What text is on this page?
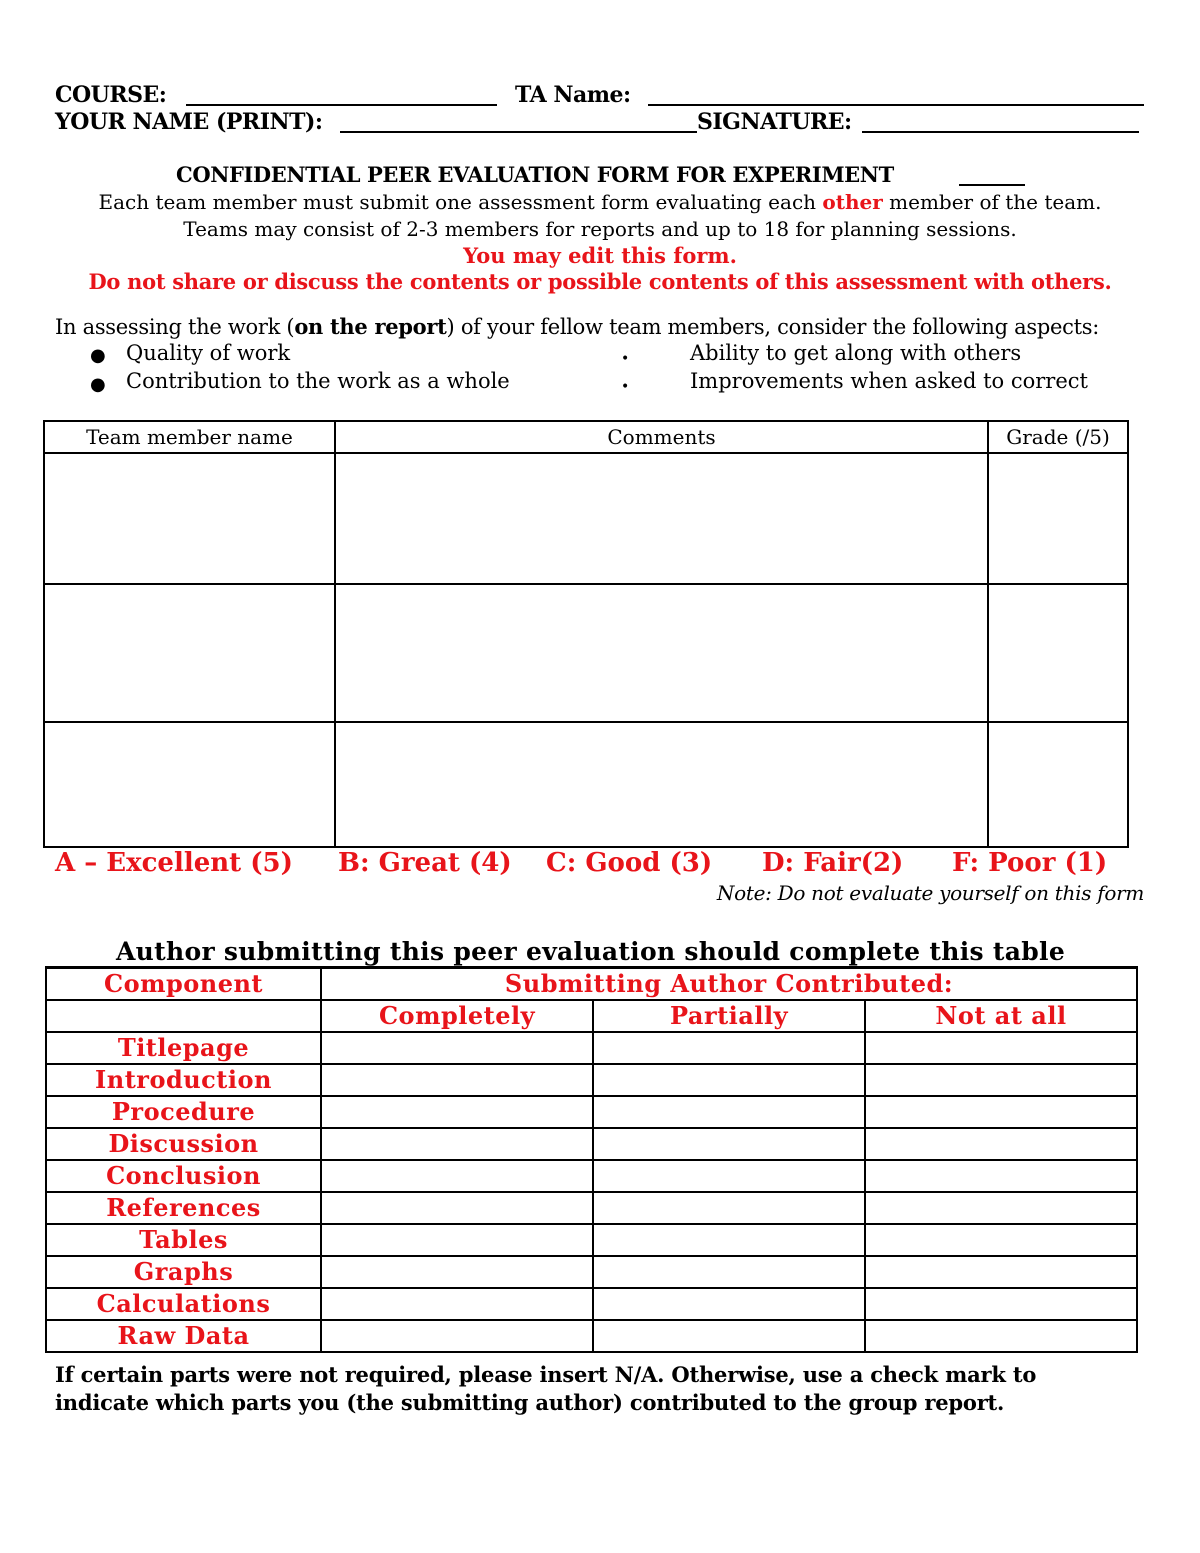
COURSE:	TA Name:
YOUR NAME (PRINT):	SIGNATURE:
CONFIDENTIAL PEER EVALUATION FORM FOR EXPERIMENT
Each team member must submit one assessment form evaluating each other member of the team.
Teams may consist of 2-3 members for reports and up to 18 for planning sessions.
You may edit this form.
Do not share or discuss the contents or possible contents of this assessment with others.
In assessing the work (on the report) of your fellow team members, consider the following aspects:
● Quality of work
● Contribution to the work as a whole
•	Ability to get along with others
•	Improvements when asked to correct
Team member name	Comments	Grade (/5)

A – Excellent (5) B: Great (4) C: Good (3) D: Fair(2) F: Poor (1)
Note: Do not evaluate yourself on this form
Author submitting this peer evaluation should complete this table
Component	Submitting Author Contributed:		
	Completely	Partially	Not at all
Titlepage			
Introduction			
Procedure			
Discussion			
Conclusion			
References			
Tables			
Graphs			
Calculations			
Raw Data			
If certain parts were not required, please insert N/A. Otherwise, use a check mark to
indicate which parts you (the submitting author) contributed to the group report.
